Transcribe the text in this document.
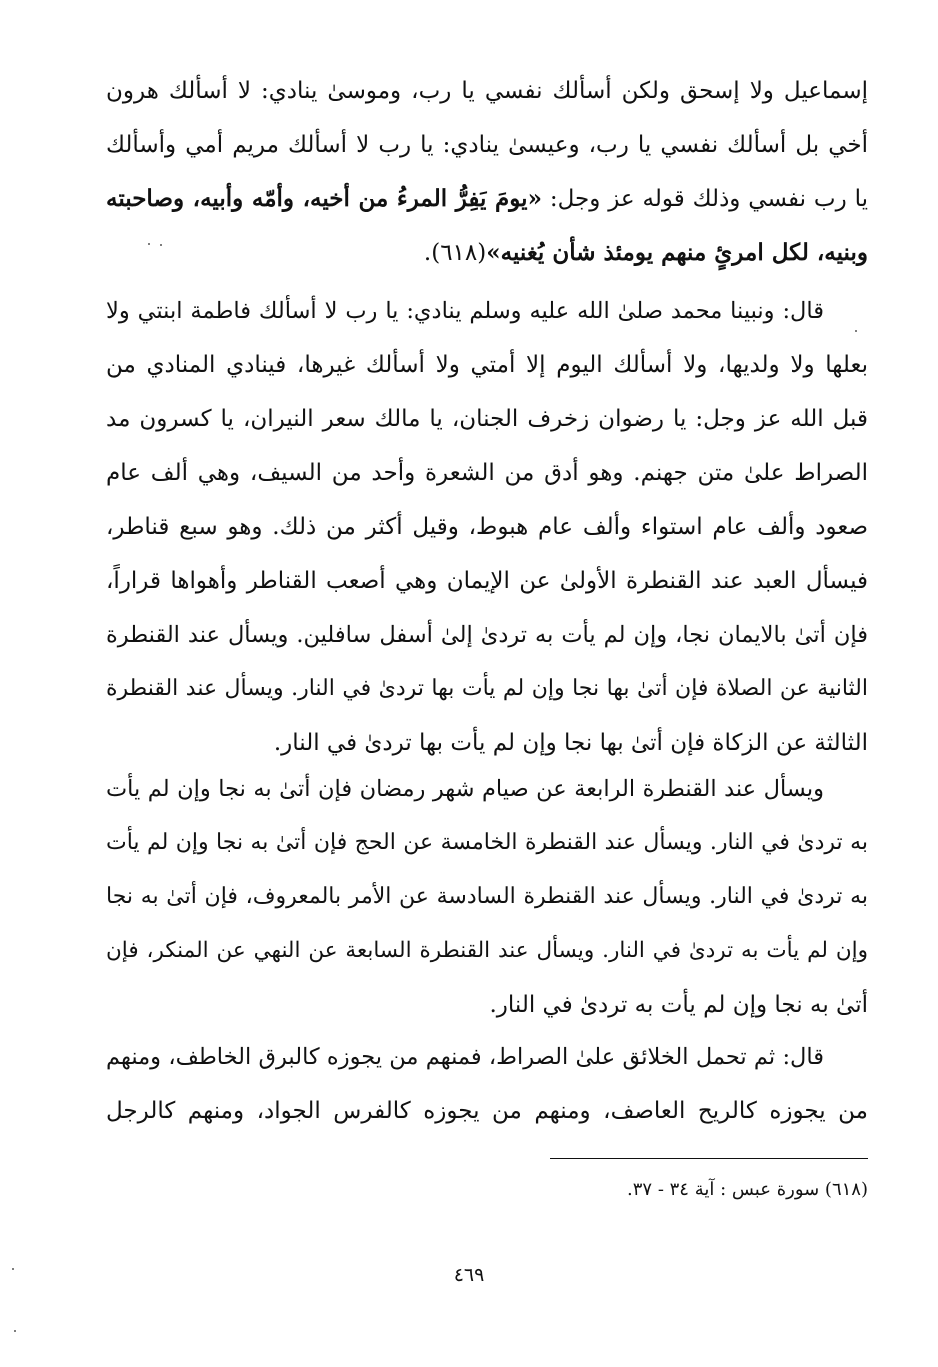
إسماعيل ولا إسحق ولكن أسألك نفسي يا رب، وموسىٰ ينادي: لا أسألك هرون
أخي بل أسألك نفسي يا رب، وعيسىٰ ينادي: يا رب لا أسألك مريم أمي وأسألك
يا رب نفسي وذلك قوله عز وجل: «يومَ يَفِرُّ المرءُ من أخيه، وأمّه وأبيه، وصاحبته
وبنيه، لكل امرئٍ منهم يومئذ شأن يُغنيه»(٦١٨).

قال: ونبينا محمد صلىٰ الله عليه وسلم ينادي: يا رب لا أسألك فاطمة ابنتي ولا
بعلها ولا ولديها، ولا أسألك اليوم إلا أمتي ولا أسألك غيرها، فينادي المنادي من
قبل الله عز وجل: يا رضوان زخرف الجنان، يا مالك سعر النيران، يا كسرون مد
الصراط علىٰ متن جهنم. وهو أدق من الشعرة وأحد من السيف، وهي ألف عام
صعود وألف عام استواء وألف عام هبوط، وقيل أكثر من ذلك. وهو سبع قناطر،
فيسأل العبد عند القنطرة الأولىٰ عن الإيمان وهي أصعب القناطر وأهواها قراراً،
فإن أتىٰ بالايمان نجا، وإن لم يأت به تردىٰ إلىٰ أسفل سافلين. ويسأل عند القنطرة
الثانية عن الصلاة فإن أتىٰ بها نجا وإن لم يأت بها تردىٰ في النار. ويسأل عند القنطرة
الثالثة عن الزكاة فإن أتىٰ بها نجا وإن لم يأت بها تردىٰ في النار.

ويسأل عند القنطرة الرابعة عن صيام شهر رمضان فإن أتىٰ به نجا وإن لم يأت
به تردىٰ في النار. ويسأل عند القنطرة الخامسة عن الحج فإن أتىٰ به نجا وإن لم يأت
به تردىٰ في النار. ويسأل عند القنطرة السادسة عن الأمر بالمعروف، فإن أتىٰ به نجا
وإن لم يأت به تردىٰ في النار. ويسأل عند القنطرة السابعة عن النهي عن المنكر، فإن
أتىٰ به نجا وإن لم يأت به تردىٰ في النار.

قال: ثم تحمل الخلائق علىٰ الصراط، فمنهم من يجوزه كالبرق الخاطف، ومنهم
من يجوزه كالريح العاصف، ومنهم من يجوزه كالفرس الجواد، ومنهم كالرجل

(٦١٨) سورة عبس : آية ٣٤ - ٣٧.
٤٦٩
